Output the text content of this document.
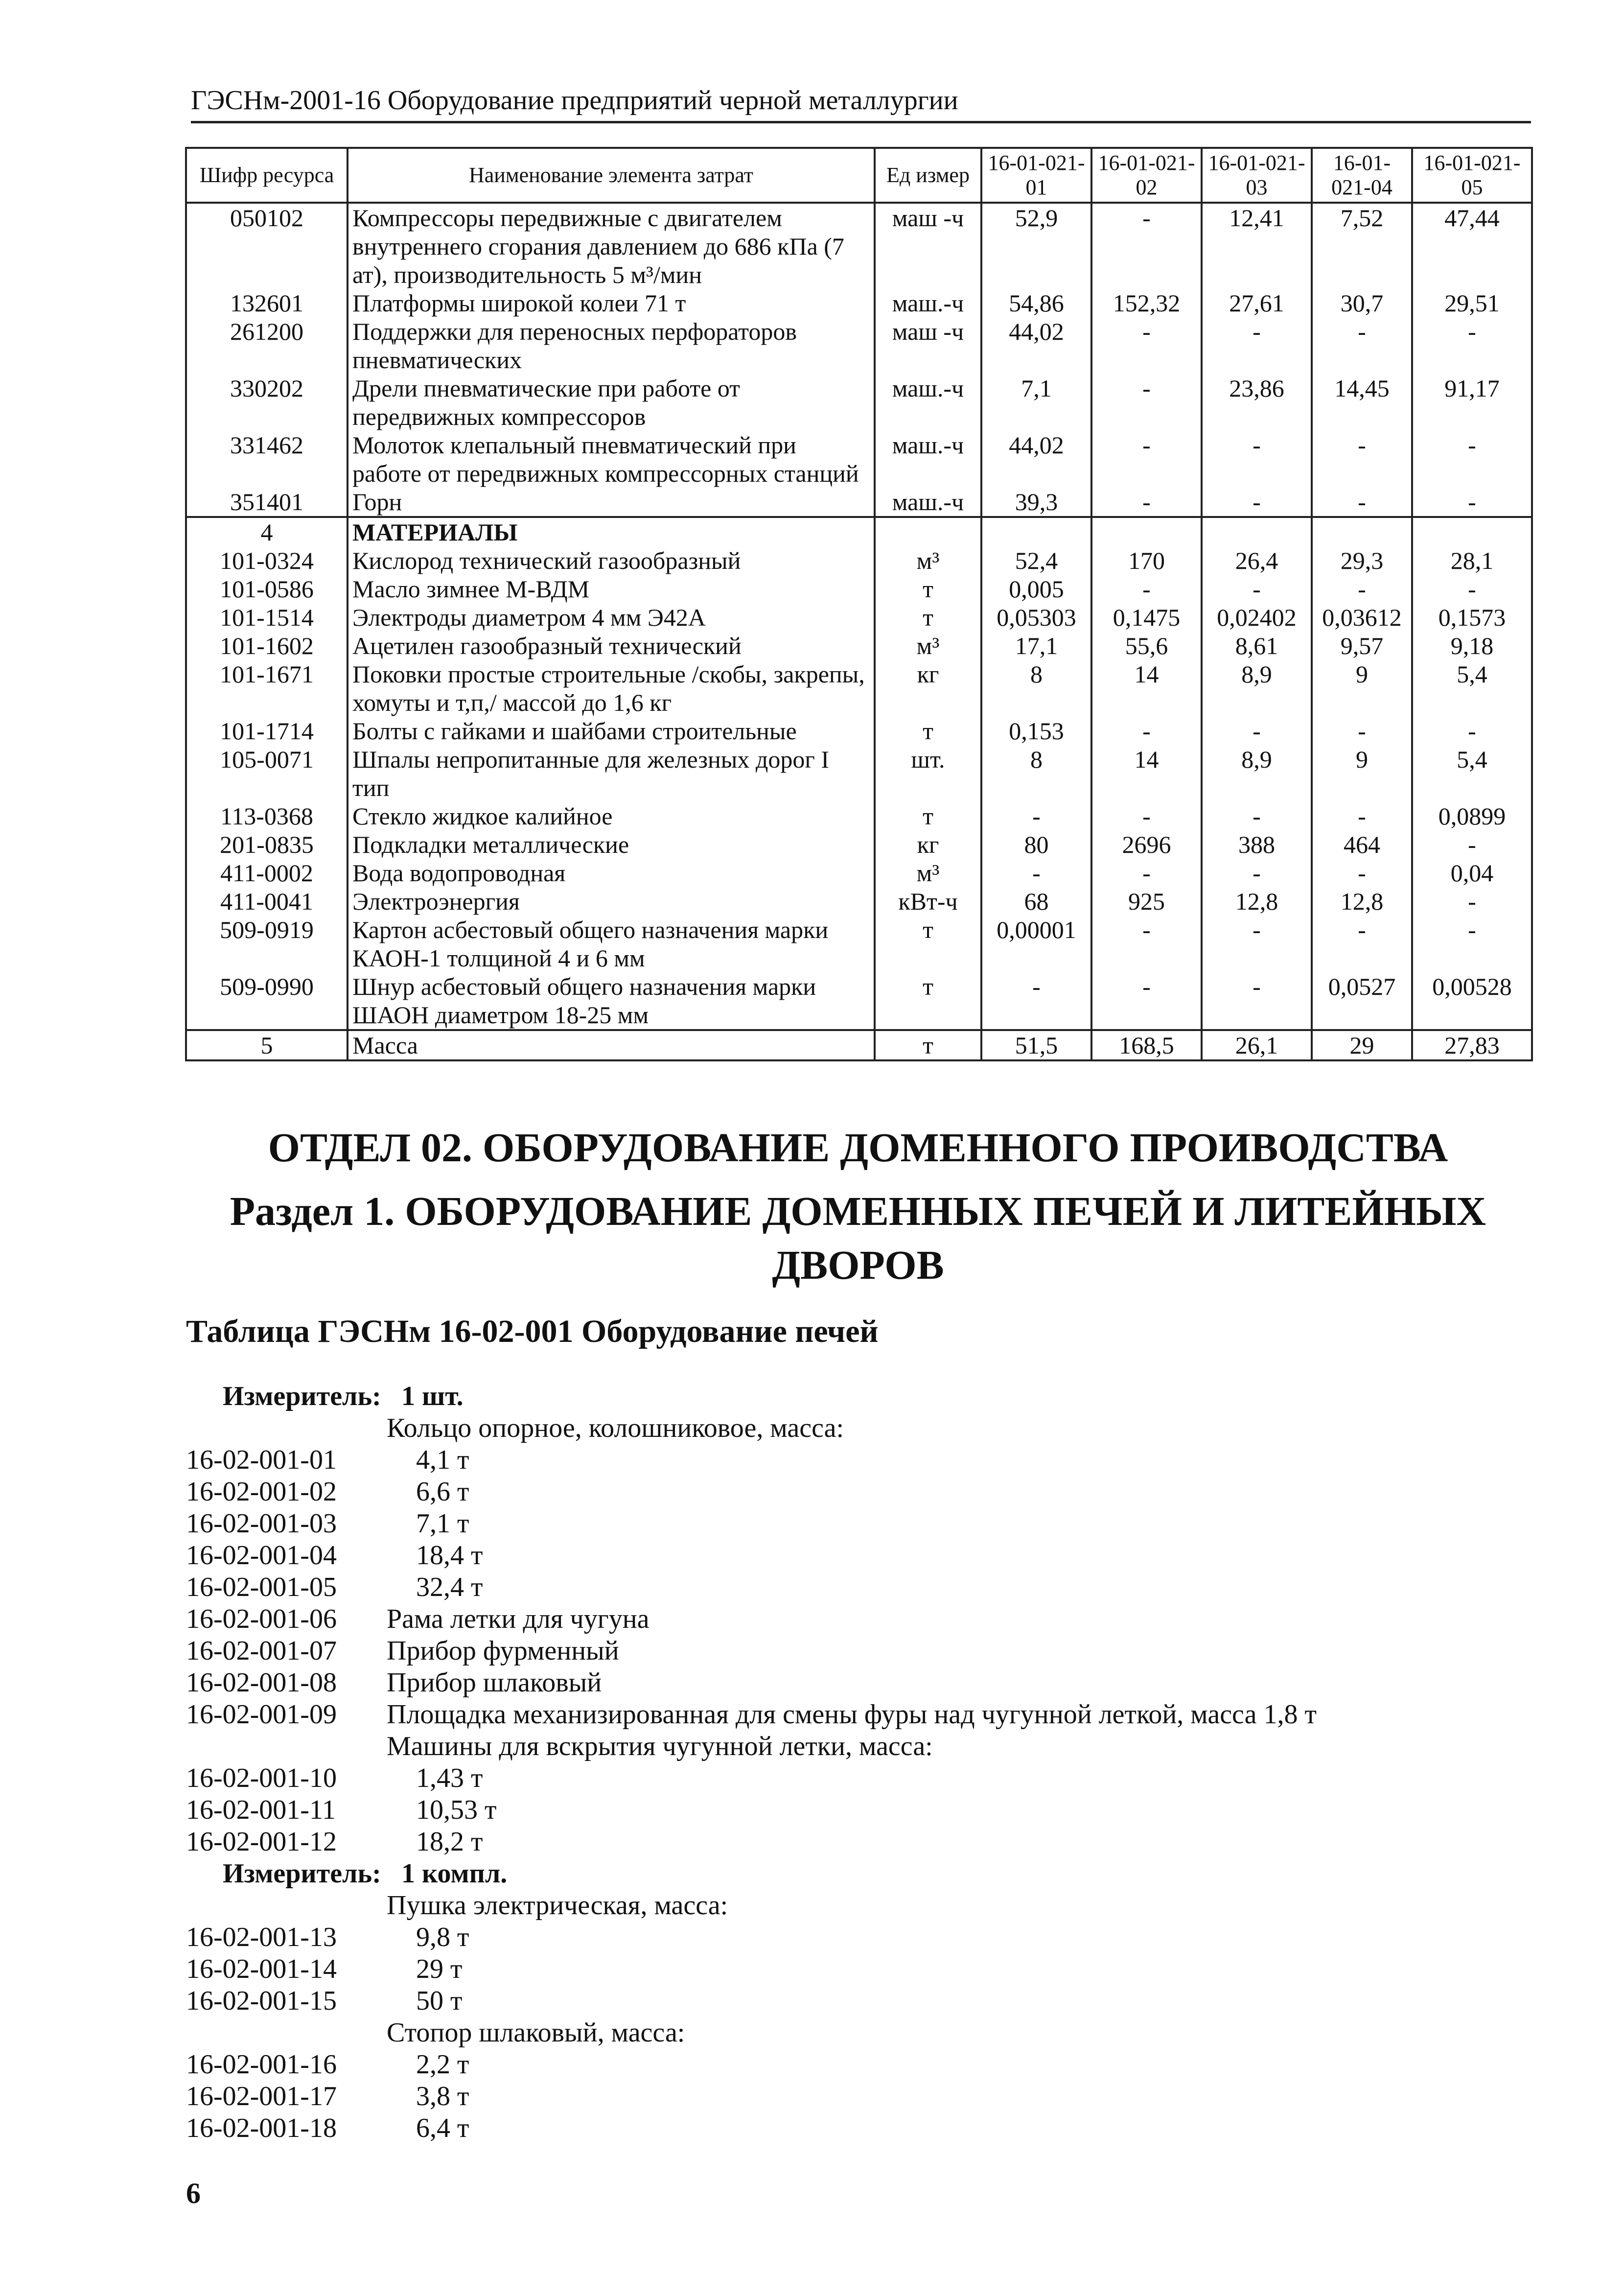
ГЭСНм-2001-16 Оборудование предприятий черной металлургии
Шифр ресурса	Наименование элемента затрат	Ед измер	16-01-021-01	16-01-021-02	16-01-021-03	16-01-021-04	16-01-021-05
050102	Компрессоры передвижные с двигателем внутреннего сгорания давлением до 686 кПа (7 ат), производительность 5 м³/мин	маш -ч	52,9	-	12,41	7,52	47,44
132601	Платформы широкой колеи 71 т	маш.-ч	54,86	152,32	27,61	30,7	29,51
261200	Поддержки для переносных перфораторов пневматических	маш -ч	44,02	-	-	-	-
330202	Дрели пневматические при работе от передвижных компрессоров	маш.-ч	7,1	-	23,86	14,45	91,17
331462	Молоток клепальный пневматический при работе от передвижных компрессорных станций	маш.-ч	44,02	-	-	-	-
351401	Горн	маш.-ч	39,3	-	-	-	-
4	МАТЕРИАЛЫ						
101-0324	Кислород технический газообразный	м³	52,4	170	26,4	29,3	28,1
101-0586	Масло зимнее М-ВДМ	т	0,005	-	-	-	-
101-1514	Электроды диаметром 4 мм Э42А	т	0,05303	0,1475	0,02402	0,03612	0,1573
101-1602	Ацетилен газообразный технический	м³	17,1	55,6	8,61	9,57	9,18
101-1671	Поковки простые строительные /скобы, закрепы, хомуты и т,п,/ массой до 1,6 кг	кг	8	14	8,9	9	5,4
101-1714	Болты с гайками и шайбами строительные	т	0,153	-	-	-	-
105-0071	Шпалы непропитанные для железных дорог I тип	шт.	8	14	8,9	9	5,4
113-0368	Стекло жидкое калийное	т	-	-	-	-	0,0899
201-0835	Подкладки металлические	кг	80	2696	388	464	-
411-0002	Вода водопроводная	м³	-	-	-	-	0,04
411-0041	Электроэнергия	кВт-ч	68	925	12,8	12,8	-
509-0919	Картон асбестовый общего назначения марки КАОН-1 толщиной 4 и 6 мм	т	0,00001	-	-	-	-
509-0990	Шнур асбестовый общего назначения марки ШАОН диаметром 18-25 мм	т	-	-	-	0,0527	0,00528
5	Масса	т	51,5	168,5	26,1	29	27,83
ОТДЕЛ 02. ОБОРУДОВАНИЕ ДОМЕННОГО ПРОИВОДСТВА
Раздел 1. ОБОРУДОВАНИЕ ДОМЕННЫХ ПЕЧЕЙ И ЛИТЕЙНЫХ ДВОРОВ
Таблица ГЭСНм 16-02-001 Оборудование печей
Измеритель: 1 шт.
Кольцо опорное, колошниковое, масса:
16-02-001-01	4,1 т
16-02-001-02	6,6 т
16-02-001-03	7,1 т
16-02-001-04	18,4 т
16-02-001-05	32,4 т
16-02-001-06 Рама летки для чугуна
16-02-001-07 Прибор фурменный
16-02-001-08 Прибор шлаковый
16-02-001-09 Площадка механизированная для смены фуры над чугунной леткой, масса 1,8 т
Машины для вскрытия чугунной летки, масса:
16-02-001-10	1,43 т
16-02-001-11	10,53 т
16-02-001-12	18,2 т
Измеритель: 1 компл.
Пушка электрическая, масса:
16-02-001-13	9,8 т
16-02-001-14	29 т
16-02-001-15	50 т
Стопор шлаковый, масса:
16-02-001-16	2,2 т
16-02-001-17	3,8 т
16-02-001-18	6,4 т
6
